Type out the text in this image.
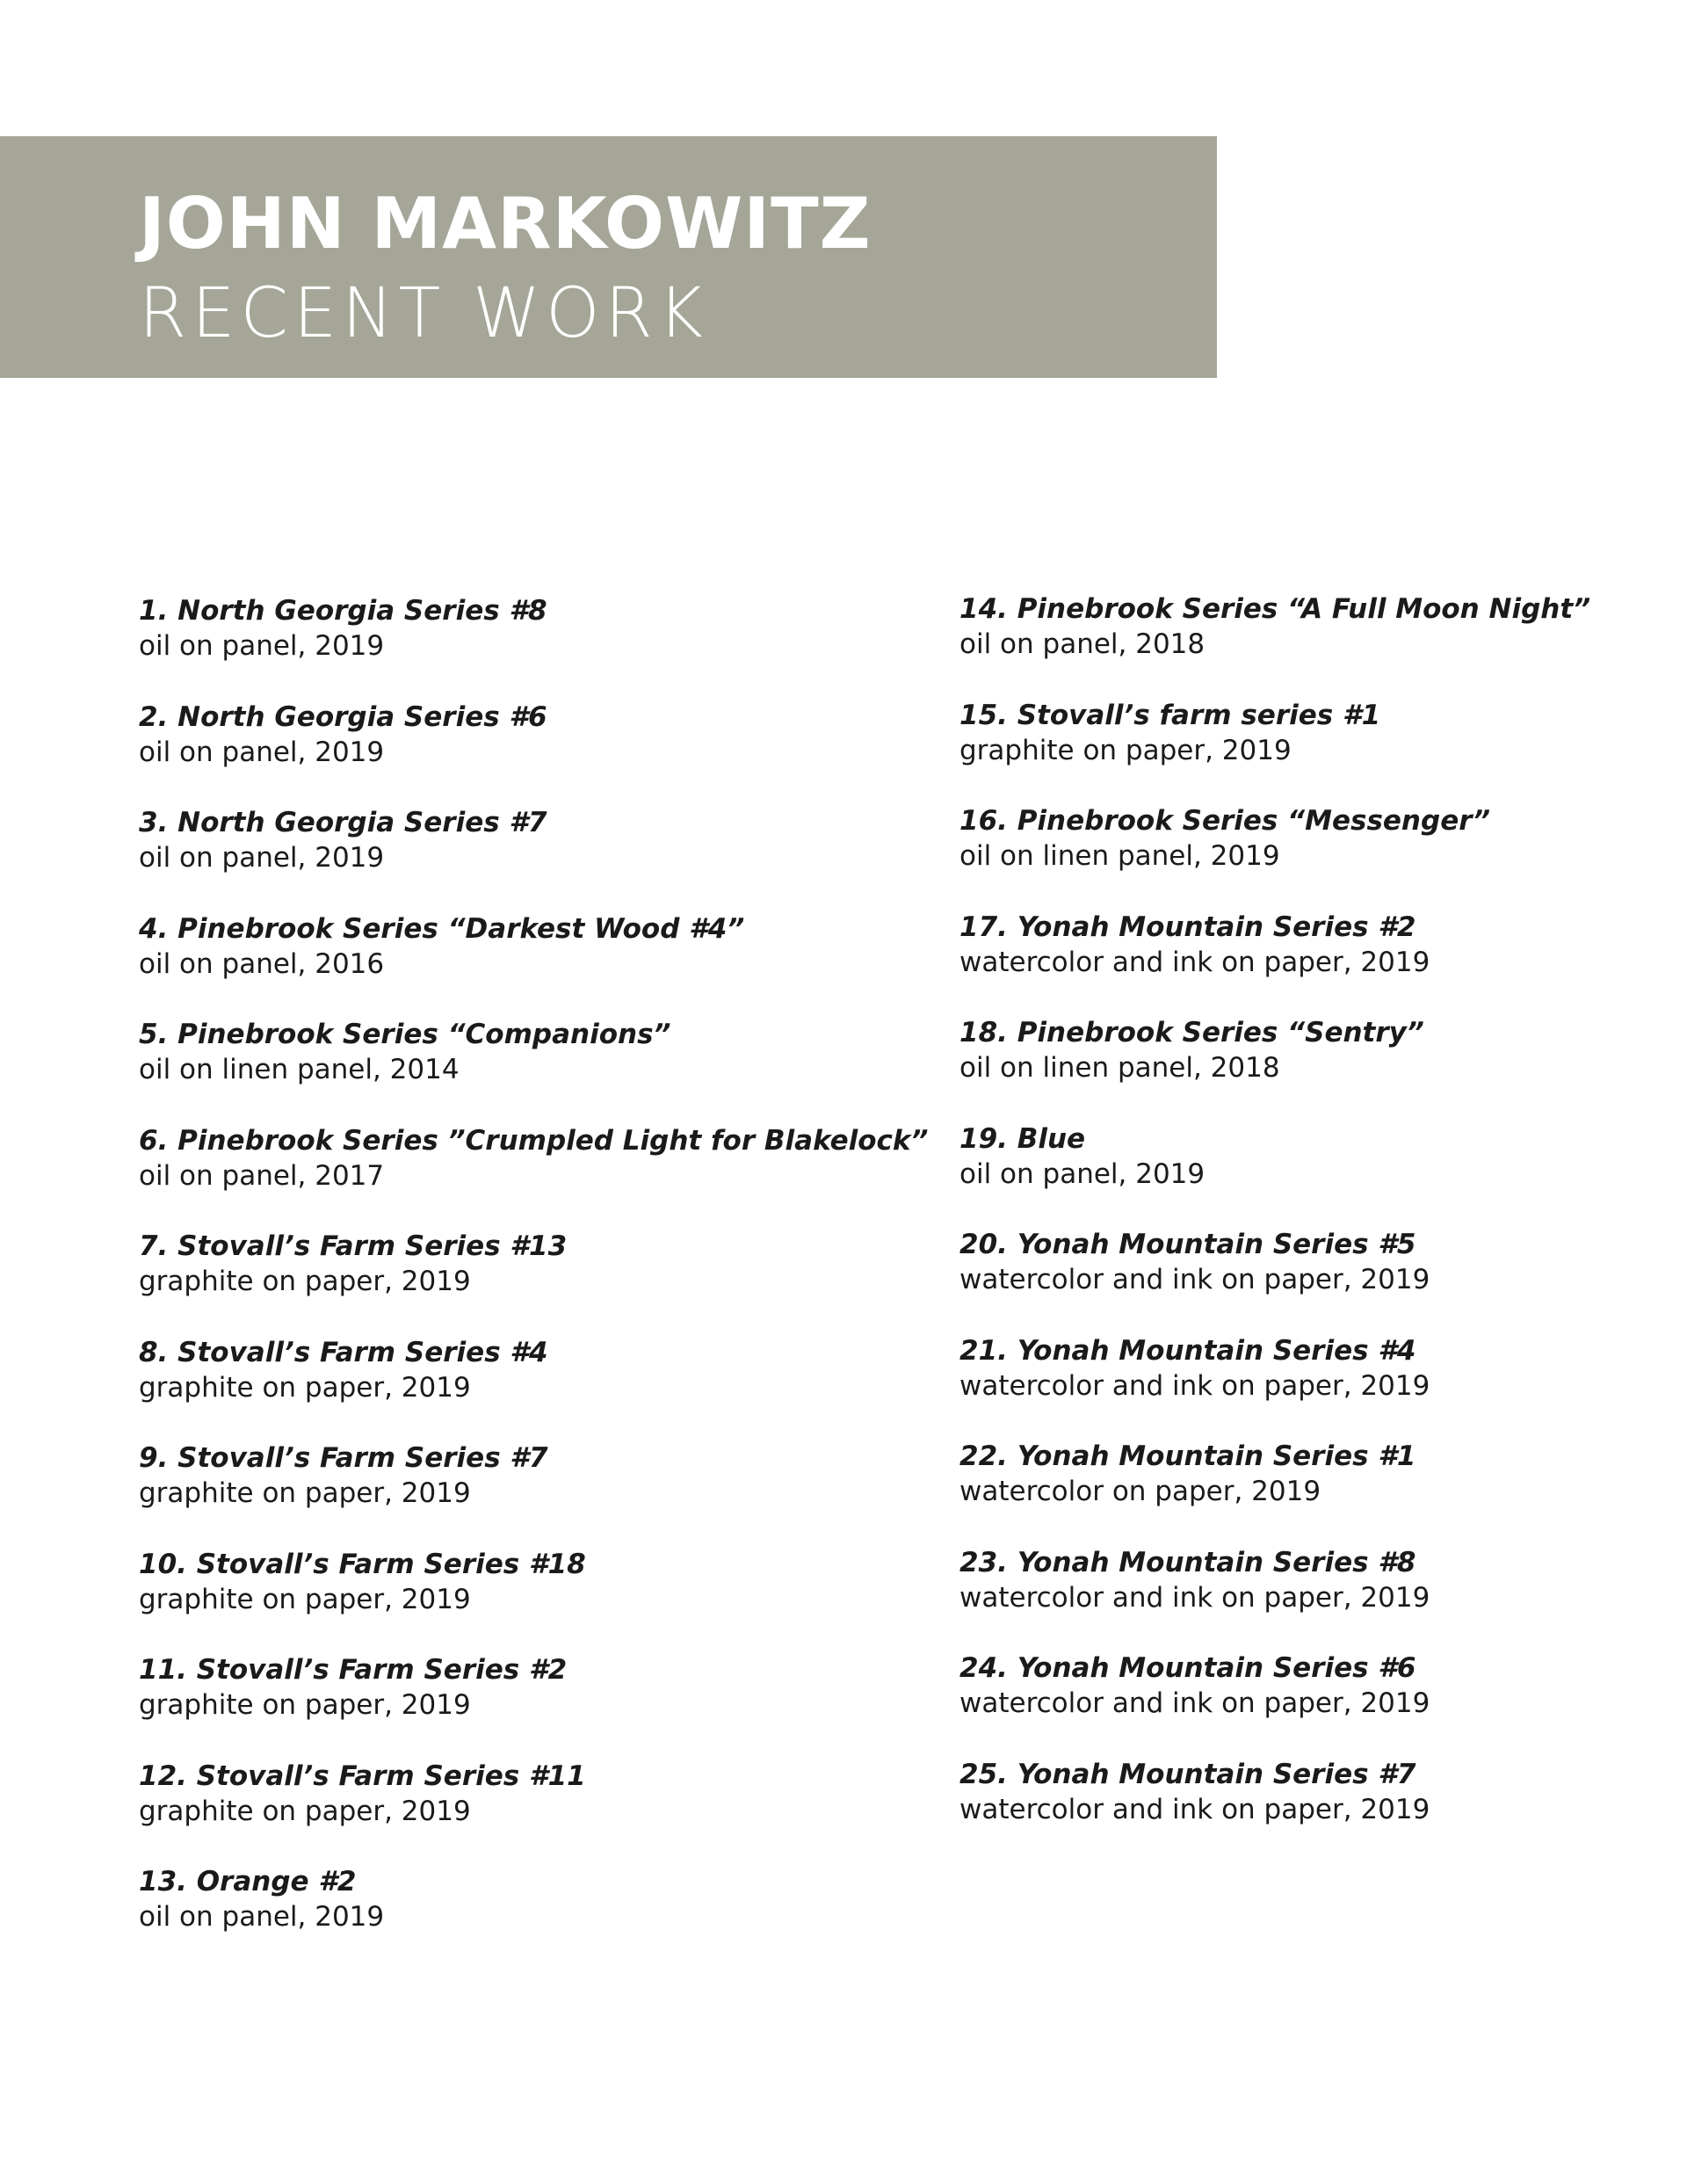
JOHN MARKOWITZ
RECENT WORK
1. North Georgia Series #8
oil on panel, 2019
2. North Georgia Series #6
oil on panel, 2019
3. North Georgia Series #7
oil on panel, 2019
4. Pinebrook Series “Darkest Wood #4”
oil on panel, 2016
5. Pinebrook Series “Companions”
oil on linen panel, 2014
6. Pinebrook Series ”Crumpled Light for Blakelock”
oil on panel, 2017
7. Stovall’s Farm Series #13
graphite on paper, 2019
8. Stovall’s Farm Series #4
graphite on paper, 2019
9. Stovall’s Farm Series #7
graphite on paper, 2019
10. Stovall’s Farm Series #18
graphite on paper, 2019
11. Stovall’s Farm Series #2
graphite on paper, 2019
12. Stovall’s Farm Series #11
graphite on paper, 2019
13. Orange #2
oil on panel, 2019
14. Pinebrook Series “A Full Moon Night”
oil on panel, 2018
15. Stovall’s farm series #1
graphite on paper, 2019
16. Pinebrook Series “Messenger”
oil on linen panel, 2019
17. Yonah Mountain Series #2
watercolor and ink on paper, 2019
18. Pinebrook Series “Sentry”
oil on linen panel, 2018
19. Blue
oil on panel, 2019
20. Yonah Mountain Series #5
watercolor and ink on paper, 2019
21. Yonah Mountain Series #4
watercolor and ink on paper, 2019
22. Yonah Mountain Series #1
watercolor on paper, 2019
23. Yonah Mountain Series #8
watercolor and ink on paper, 2019
24. Yonah Mountain Series #6
watercolor and ink on paper, 2019
25. Yonah Mountain Series #7
watercolor and ink on paper, 2019
